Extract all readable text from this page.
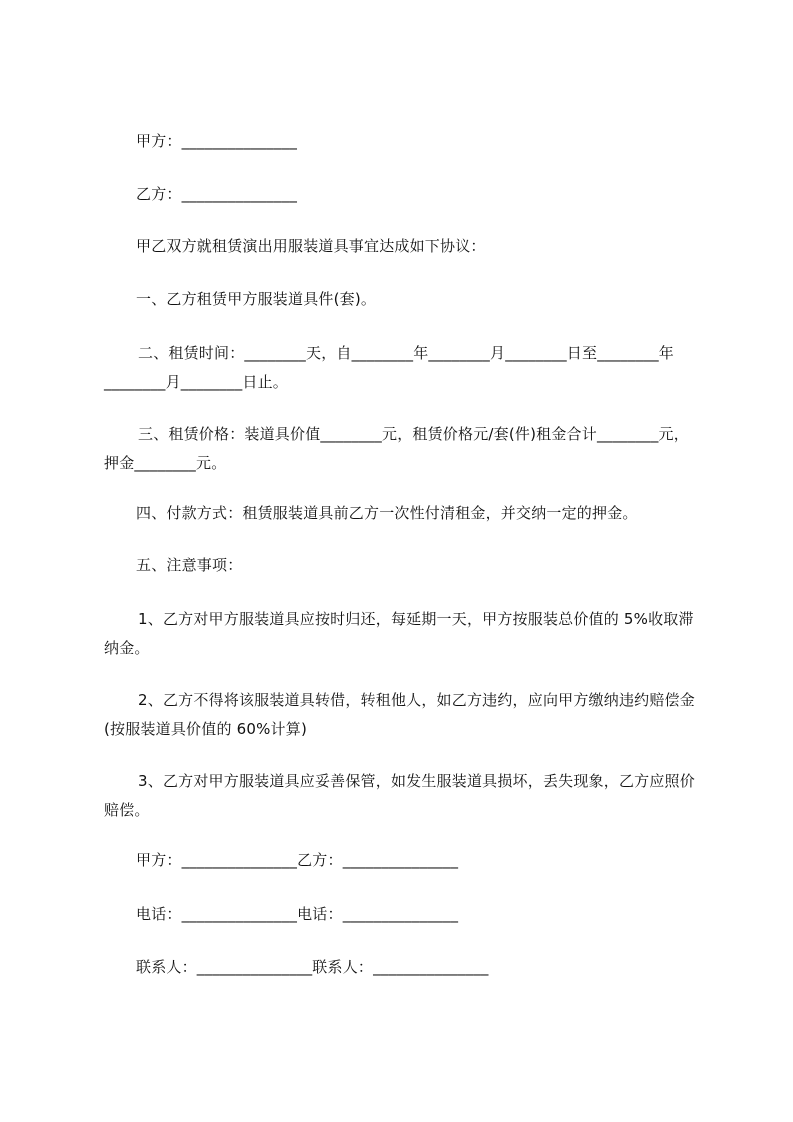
甲方：_______________

乙方：_______________

甲乙双方就租赁演出用服装道具事宜达成如下协议：

一、乙方租赁甲方服装道具件(套)。

二、租赁时间：________天，自________年________月________日至________年________月________日止。

三、租赁价格：装道具价值________元，租赁价格元/套(件)租金合计________元，押金________元。

四、付款方式：租赁服装道具前乙方一次性付清租金，并交纳一定的押金。

五、注意事项：

1、乙方对甲方服装道具应按时归还，每延期一天，甲方按服装总价值的 5%收取滞纳金。

2、乙方不得将该服装道具转借，转租他人，如乙方违约，应向甲方缴纳违约赔偿金(按服装道具价值的 60%计算)

3、乙方对甲方服装道具应妥善保管，如发生服装道具损坏，丢失现象，乙方应照价赔偿。

甲方：_______________乙方：_______________

电话：_______________电话：_______________

联系人：_______________联系人：_______________
